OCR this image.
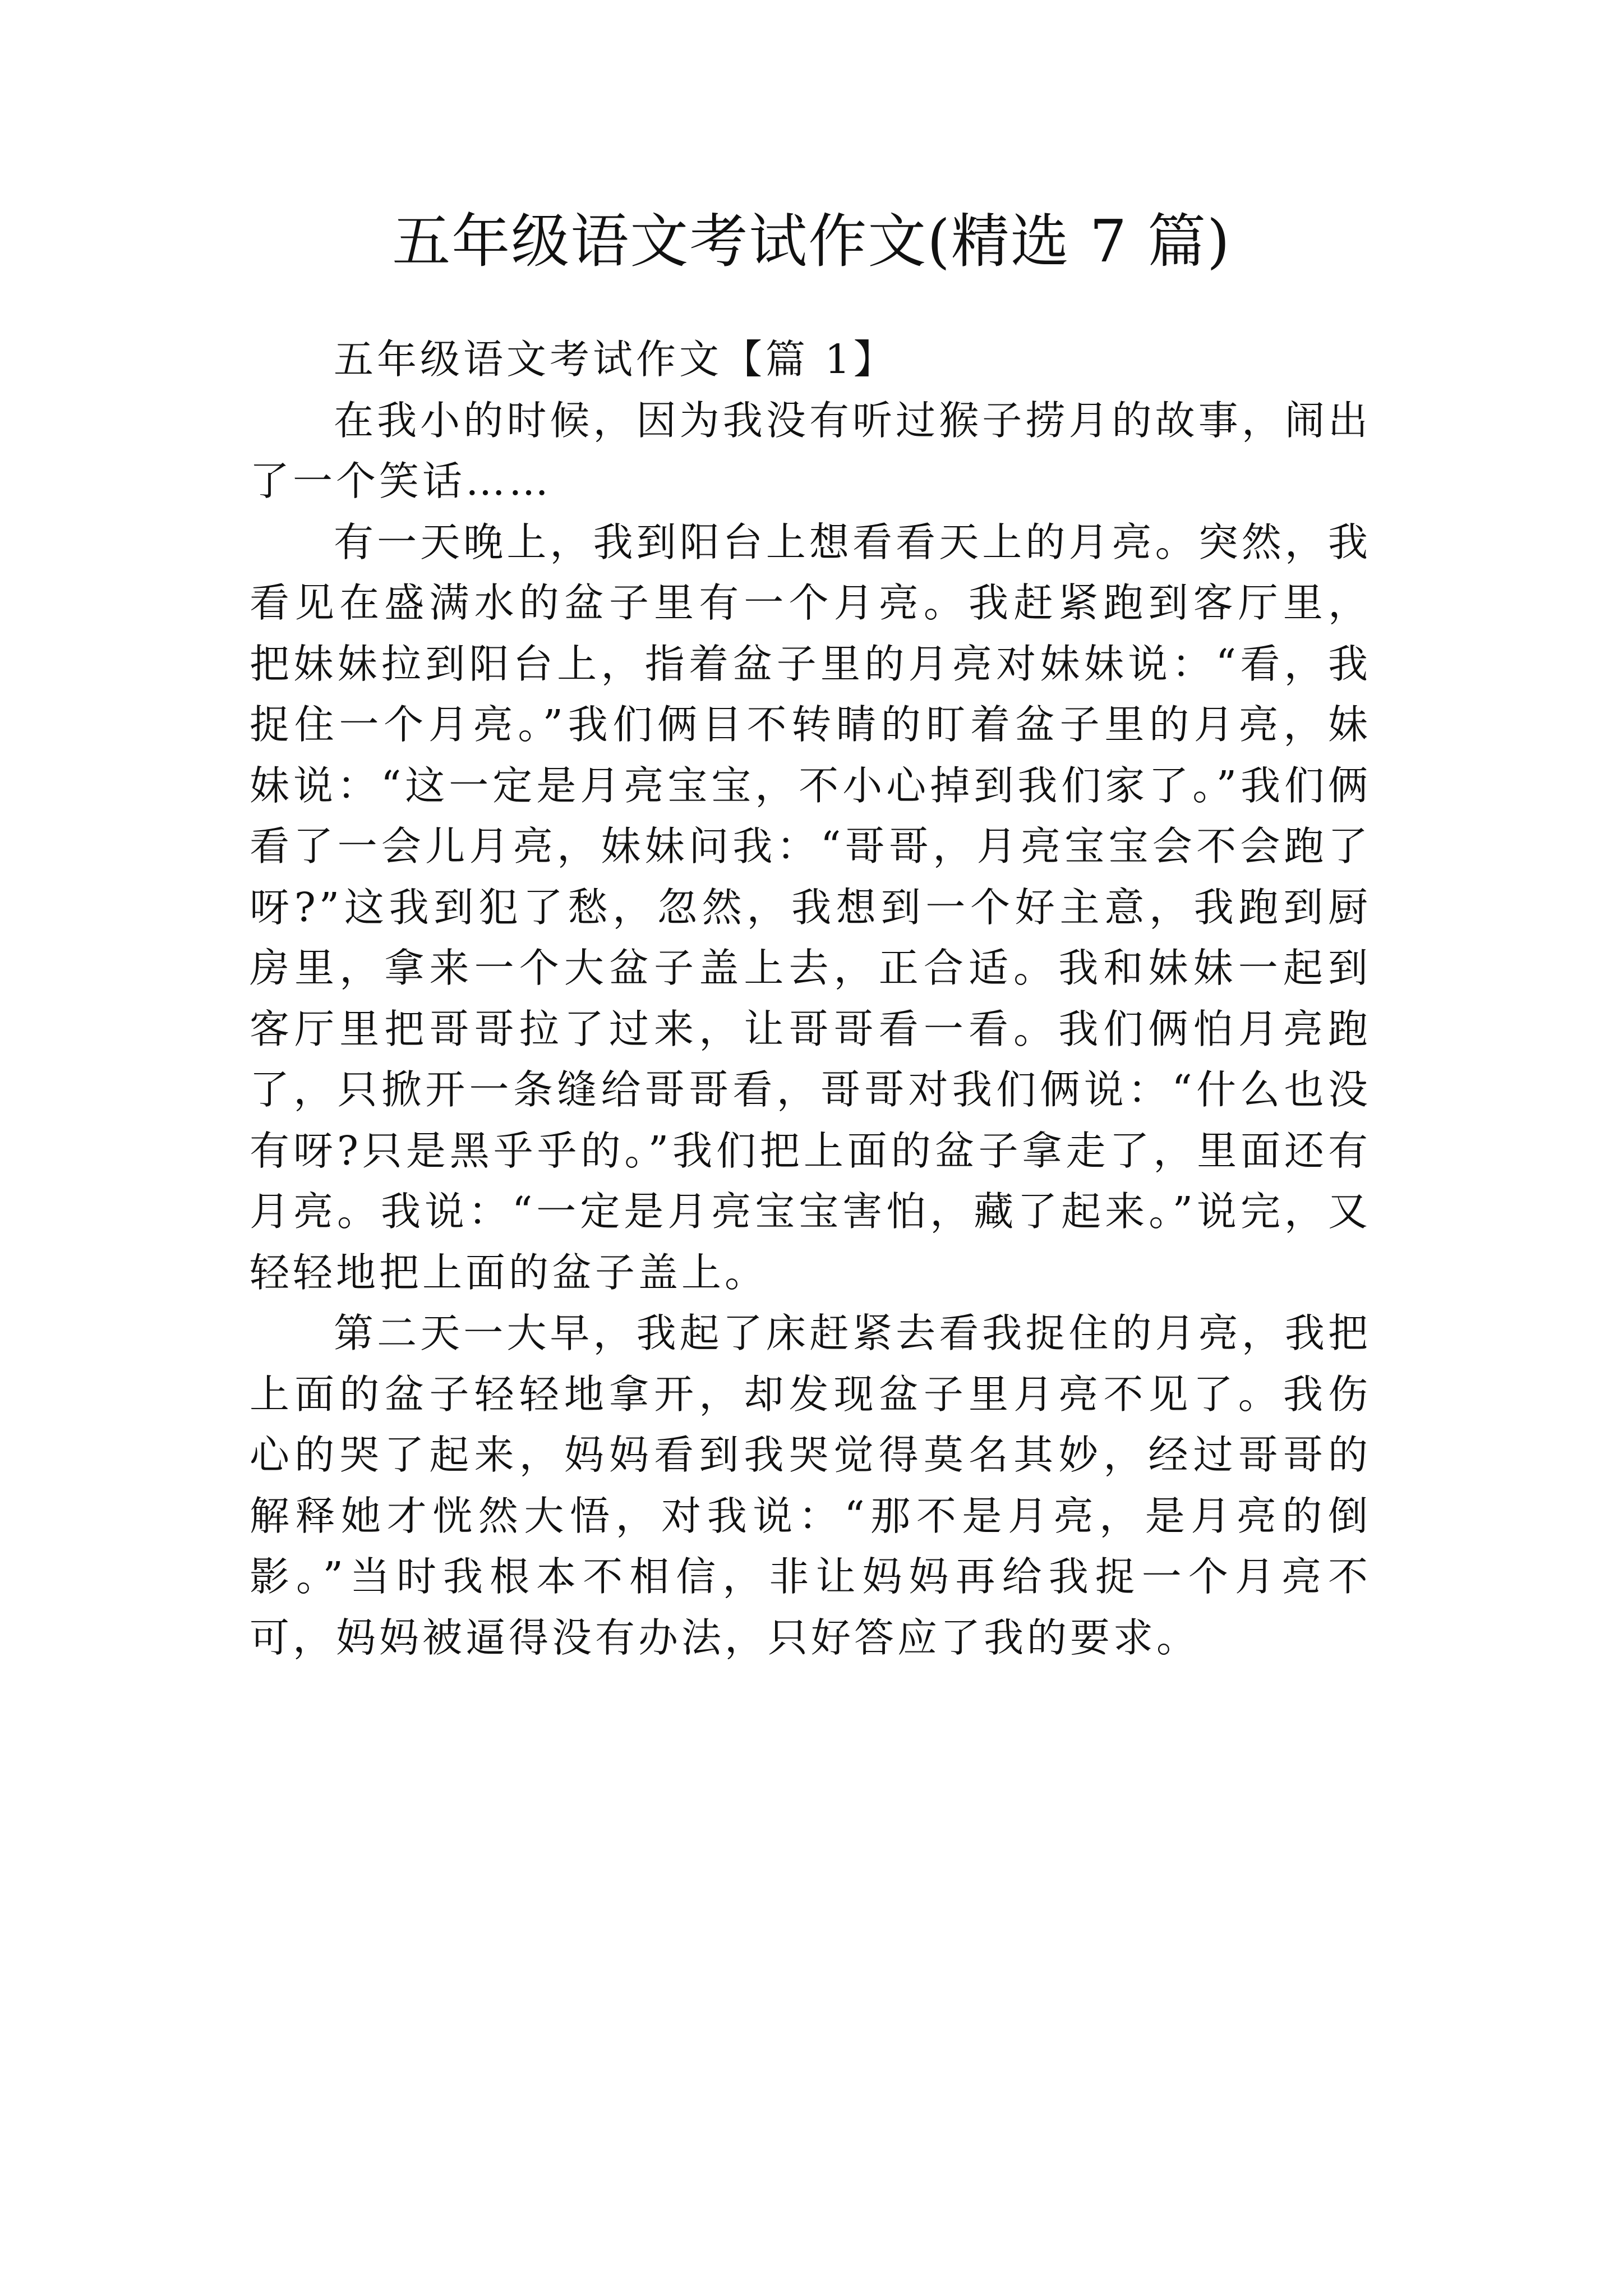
五年级语文考试作文(精选 7 篇)

五年级语文考试作文【篇 1】

在我小的时候，因为我没有听过猴子捞月的故事，闹出了一个笑话……

有一天晚上，我到阳台上想看看天上的月亮。突然，我看见在盛满水的盆子里有一个月亮。我赶紧跑到客厅里，把妹妹拉到阳台上，指着盆子里的月亮对妹妹说：“看，我捉住一个月亮。”我们俩目不转睛的盯着盆子里的月亮，妹妹说：“这一定是月亮宝宝，不小心掉到我们家了。”我们俩看了一会儿月亮，妹妹问我：“哥哥，月亮宝宝会不会跑了呀?”这我到犯了愁，忽然，我想到一个好主意，我跑到厨房里，拿来一个大盆子盖上去，正合适。我和妹妹一起到客厅里把哥哥拉了过来，让哥哥看一看。我们俩怕月亮跑了，只掀开一条缝给哥哥看，哥哥对我们俩说：“什么也没有呀?只是黑乎乎的。”我们把上面的盆子拿走了，里面还有月亮。我说：“一定是月亮宝宝害怕，藏了起来。”说完，又轻轻地把上面的盆子盖上。

第二天一大早，我起了床赶紧去看我捉住的月亮，我把上面的盆子轻轻地拿开，却发现盆子里月亮不见了。我伤心的哭了起来，妈妈看到我哭觉得莫名其妙，经过哥哥的解释她才恍然大悟，对我说：“那不是月亮，是月亮的倒影。”当时我根本不相信，非让妈妈再给我捉一个月亮不可，妈妈被逼得没有办法，只好答应了我的要求。
